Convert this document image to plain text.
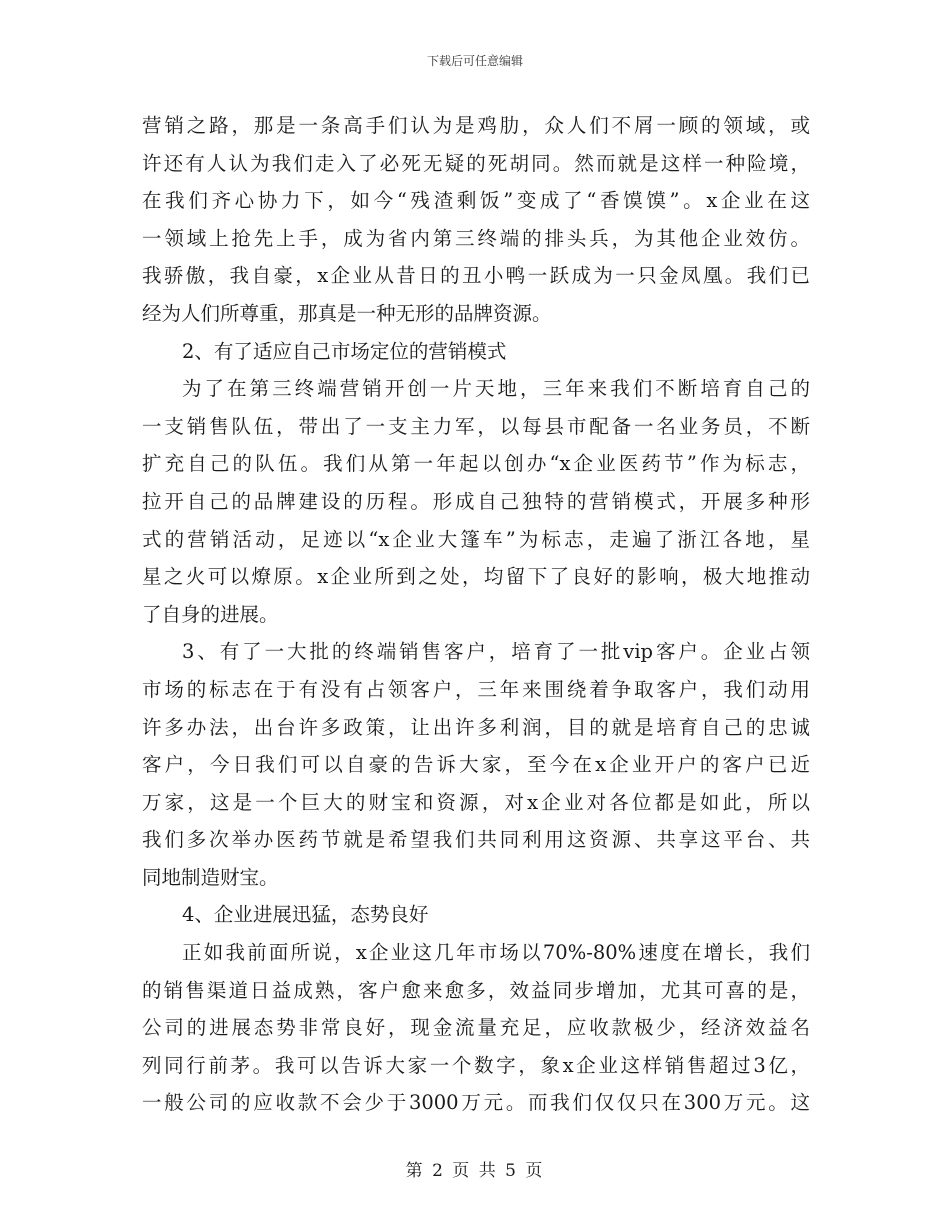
下载后可任意编辑
营销之路，那是一条高手们认为是鸡肋，众人们不屑一顾的领域，或
许还有人认为我们走入了必死无疑的死胡同。然而就是这样一种险境，
在我们齐心协力下，如今“残渣剩饭”变成了“香馍馍”。x企业在这
一领域上抢先上手，成为省内第三终端的排头兵，为其他企业效仿。
我骄傲，我自豪，x企业从昔日的丑小鸭一跃成为一只金凤凰。我们已
经为人们所尊重，那真是一种无形的品牌资源。
2、有了适应自己市场定位的营销模式
为了在第三终端营销开创一片天地，三年来我们不断培育自己的
一支销售队伍，带出了一支主力军，以每县市配备一名业务员，不断
扩充自己的队伍。我们从第一年起以创办“x企业医药节”作为标志，
拉开自己的品牌建设的历程。形成自己独特的营销模式，开展多种形
式的营销活动，足迹以“x企业大篷车”为标志，走遍了浙江各地，星
星之火可以燎原。x企业所到之处，均留下了良好的影响，极大地推动
了自身的进展。
3、有了一大批的终端销售客户，培育了一批vip客户。企业占领
市场的标志在于有没有占领客户，三年来围绕着争取客户，我们动用
许多办法，出台许多政策，让出许多利润，目的就是培育自己的忠诚
客户，今日我们可以自豪的告诉大家，至今在x企业开户的客户已近
万家，这是一个巨大的财宝和资源，对x企业对各位都是如此，所以
我们多次举办医药节就是希望我们共同利用这资源、共享这平台、共
同地制造财宝。
4、企业进展迅猛，态势良好
正如我前面所说，x企业这几年市场以70%-80%速度在增长，我们
的销售渠道日益成熟，客户愈来愈多，效益同步增加，尤其可喜的是，
公司的进展态势非常良好，现金流量充足，应收款极少，经济效益名
列同行前茅。我可以告诉大家一个数字，象x企业这样销售超过3亿，
一般公司的应收款不会少于3000万元。而我们仅仅只在300万元。这
第 2 页 共 5 页
